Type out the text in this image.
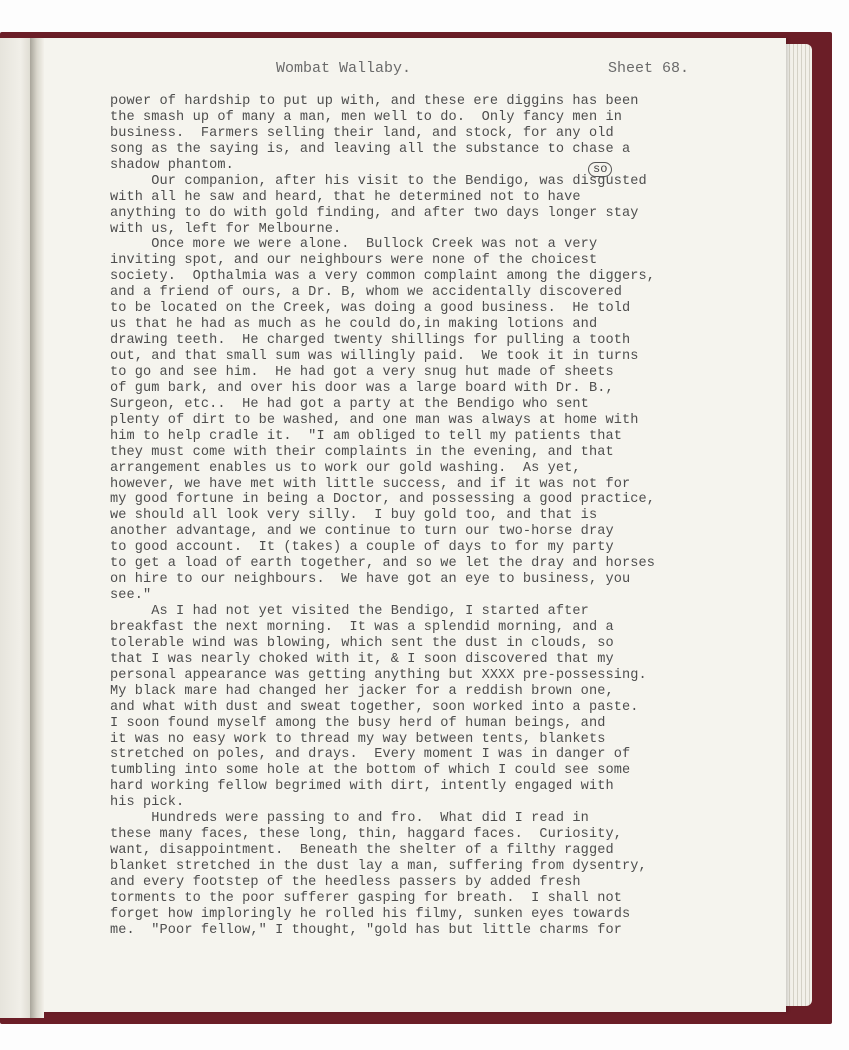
Wombat Wallaby.	Sheet 68.
so
power of hardship to put up with, and these ere diggins has been
the smash up of many a man, men well to do.  Only fancy men in
business.  Farmers selling their land, and stock, for any old
song as the saying is, and leaving all the substance to chase a
shadow phantom.
Our companion, after his visit to the Bendigo, was disgusted
with all he saw and heard, that he determined not to have
anything to do with gold finding, and after two days longer stay
with us, left for Melbourne.
Once more we were alone.  Bullock Creek was not a very
inviting spot, and our neighbours were none of the choicest
society.  Opthalmia was a very common complaint among the diggers,
and a friend of ours, a Dr. B, whom we accidentally discovered
to be located on the Creek, was doing a good business.  He told
us that he had as much as he could do,in making lotions and
drawing teeth.  He charged twenty shillings for pulling a tooth
out, and that small sum was willingly paid.  We took it in turns
to go and see him.  He had got a very snug hut made of sheets
of gum bark, and over his door was a large board with Dr. B.,
Surgeon, etc..  He had got a party at the Bendigo who sent
plenty of dirt to be washed, and one man was always at home with
him to help cradle it.  "I am obliged to tell my patients that
they must come with their complaints in the evening, and that
arrangement enables us to work our gold washing.  As yet,
however, we have met with little success, and if it was not for
my good fortune in being a Doctor, and possessing a good practice,
we should all look very silly.  I buy gold too, and that is
another advantage, and we continue to turn our two-horse dray
to good account.  It (takes) a couple of days to for my party
to get a load of earth together, and so we let the dray and horses
on hire to our neighbours.  We have got an eye to business, you
see."
As I had not yet visited the Bendigo, I started after
breakfast the next morning.  It was a splendid morning, and a
tolerable wind was blowing, which sent the dust in clouds, so
that I was nearly choked with it, & I soon discovered that my
personal appearance was getting anything but XXXX pre-possessing.
My black mare had changed her jacker for a reddish brown one,
and what with dust and sweat together, soon worked into a paste.
I soon found myself among the busy herd of human beings, and
it was no easy work to thread my way between tents, blankets
stretched on poles, and drays.  Every moment I was in danger of
tumbling into some hole at the bottom of which I could see some
hard working fellow begrimed with dirt, intently engaged with
his pick.
Hundreds were passing to and fro.  What did I read in
these many faces, these long, thin, haggard faces.  Curiosity,
want, disappointment.  Beneath the shelter of a filthy ragged
blanket stretched in the dust lay a man, suffering from dysentry,
and every footstep of the heedless passers by added fresh
torments to the poor sufferer gasping for breath.  I shall not
forget how imploringly he rolled his filmy, sunken eyes towards
me.  "Poor fellow," I thought, "gold has but little charms for
